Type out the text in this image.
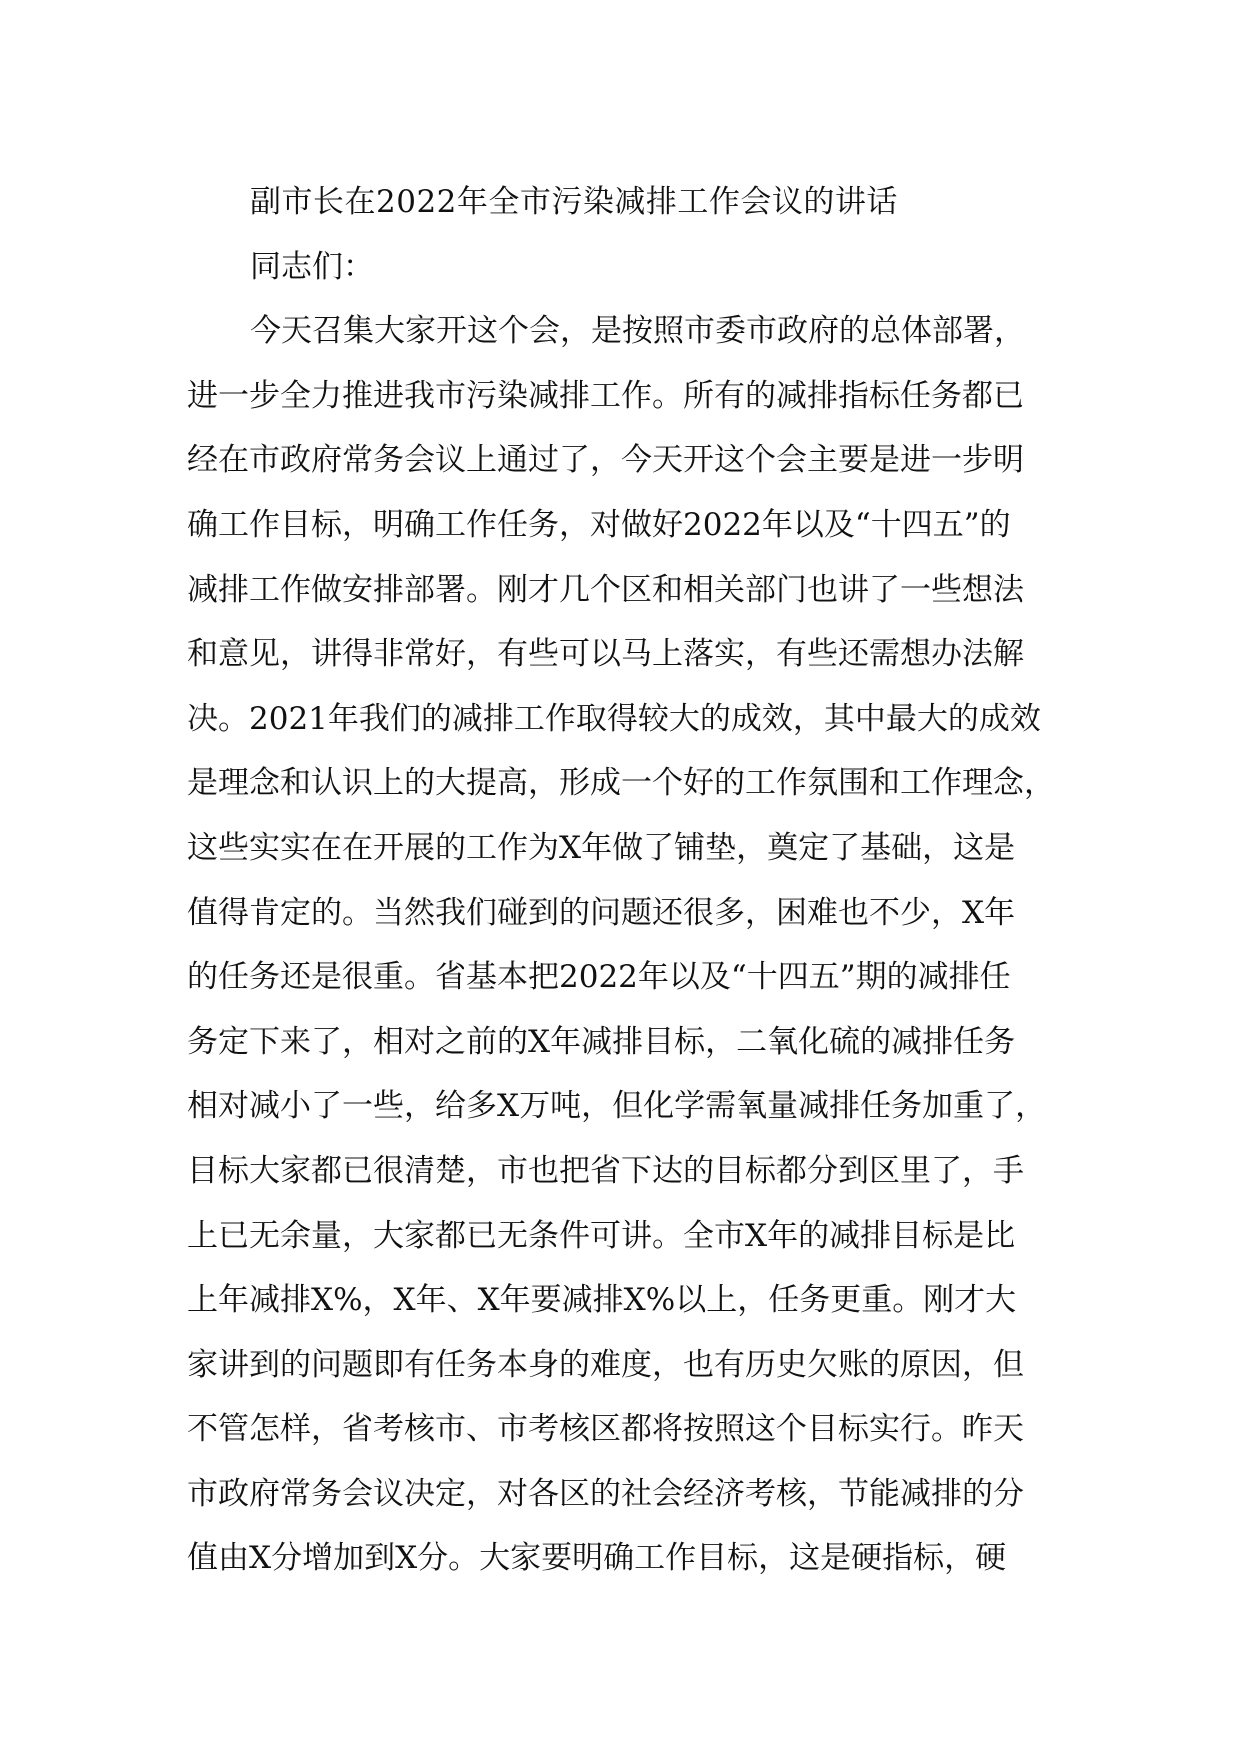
副市长在2022年全市污染减排工作会议的讲话
同志们：
今天召集大家开这个会，是按照市委市政府的总体部署，
进一步全力推进我市污染减排工作。所有的减排指标任务都已
经在市政府常务会议上通过了，今天开这个会主要是进一步明
确工作目标，明确工作任务，对做好2022年以及“十四五”的
减排工作做安排部署。刚才几个区和相关部门也讲了一些想法
和意见，讲得非常好，有些可以马上落实，有些还需想办法解
决。2021年我们的减排工作取得较大的成效，其中最大的成效
是理念和认识上的大提高，形成一个好的工作氛围和工作理念，
这些实实在在开展的工作为X年做了铺垫，奠定了基础，这是
值得肯定的。当然我们碰到的问题还很多，困难也不少，X年
的任务还是很重。省基本把2022年以及“十四五”期的减排任
务定下来了，相对之前的X年减排目标，二氧化硫的减排任务
相对减小了一些，给多X万吨，但化学需氧量减排任务加重了，
目标大家都已很清楚，市也把省下达的目标都分到区里了，手
上已无余量，大家都已无条件可讲。全市X年的减排目标是比
上年减排X%，X年、X年要减排X%以上，任务更重。刚才大
家讲到的问题即有任务本身的难度，也有历史欠账的原因，但
不管怎样，省考核市、市考核区都将按照这个目标实行。昨天
市政府常务会议决定，对各区的社会经济考核，节能减排的分
值由X分增加到X分。大家要明确工作目标，这是硬指标，硬
